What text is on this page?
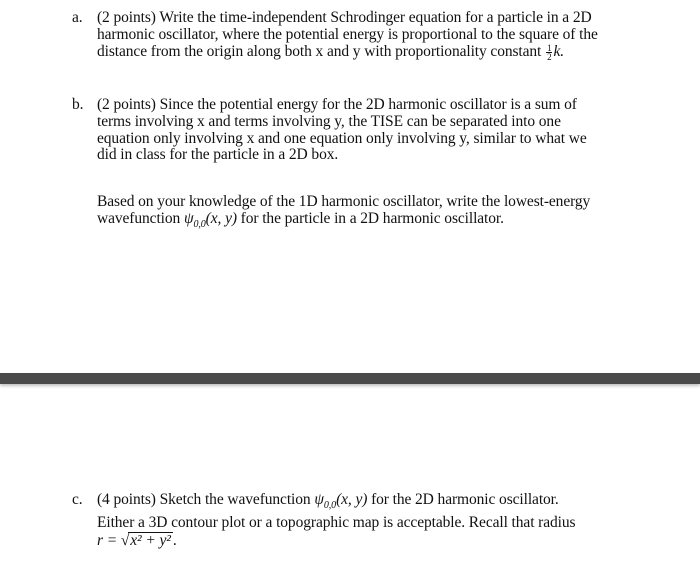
a. (2 points) Write the time-independent Schrodinger equation for a particle in a 2D
harmonic oscillator, where the potential energy is proportional to the square of the
distance from the origin along both x and y with proportionality constant $\frac{1}{2} k$.
b. (2 points) Since the potential energy for the 2D harmonic oscillator is a sum of
terms involving x and terms involving y, the TISE can be separated into one
equation only involving x and one equation only involving y, similar to what we
did in class for the particle in a 2D box.
Based on your knowledge of the 1D harmonic oscillator, write the lowest-energy
wavefunction $\psi_{0,0}(x$, y) for the particle in a 2D harmonic oscillator.
c. (4 points) Sketch the wavefunction $\psi_{0,0}(x$, y) for the 2D harmonic oscillator.
Either a 3D contour plot or a topographic map is acceptable. Recall that radius
r = √x² + y² .
